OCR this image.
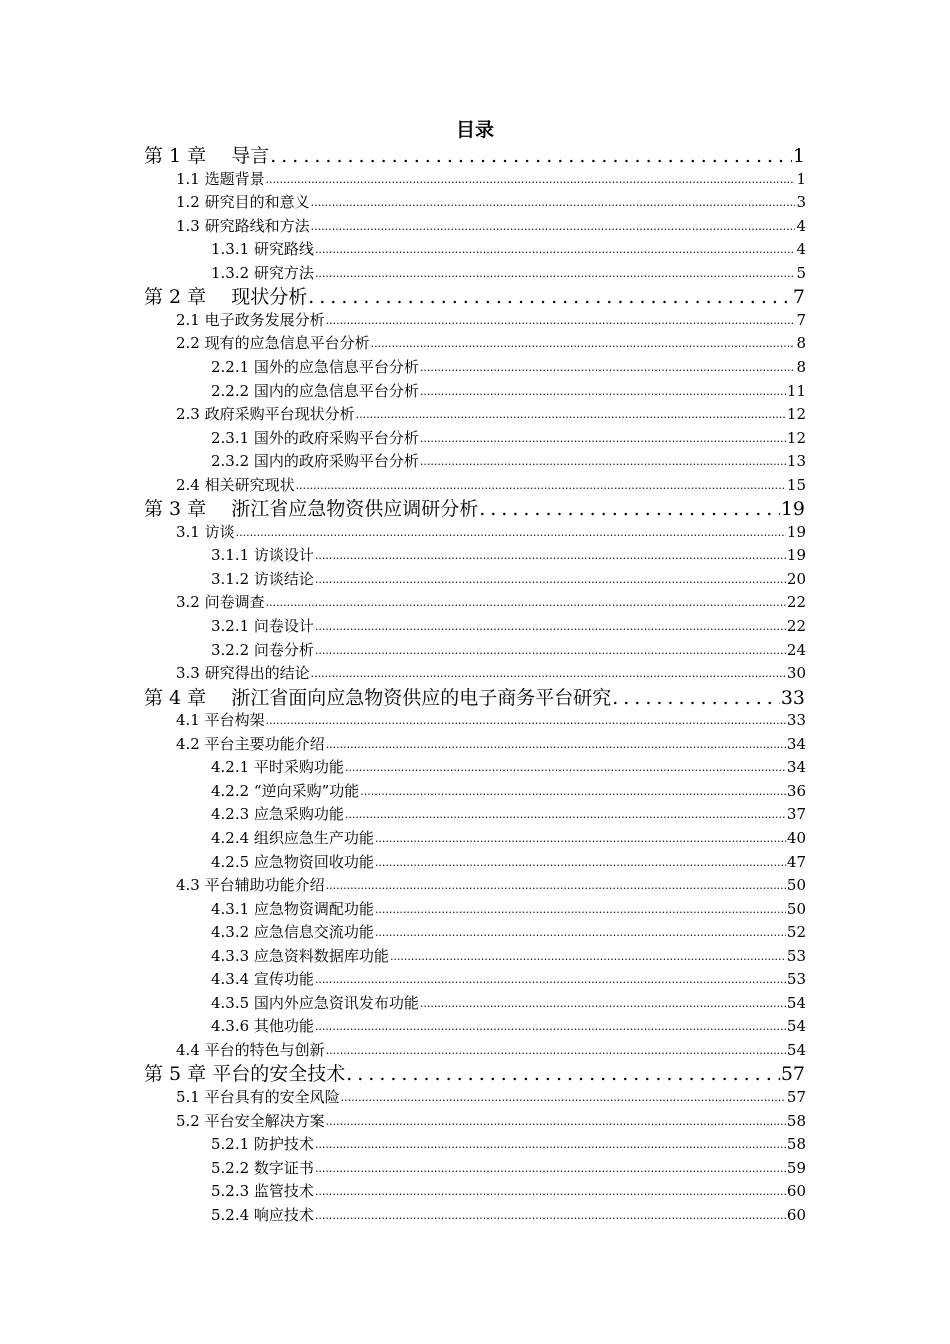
目录
第 1 章　 导言 .....	1
1.1 选题背景 .....	1
1.2 研究目的和意义 .....	3
1.3 研究路线和方法 .....	4
1.3.1 研究路线 .....	4
1.3.2 研究方法 .....	5
第 2 章　 现状分析 .....	7
2.1 电子政务发展分析 .....	7
2.2 现有的应急信息平台分析 .....	8
2.2.1 国外的应急信息平台分析 .....	8
2.2.2 国内的应急信息平台分析 .....	11
2.3 政府采购平台现状分析 .....	12
2.3.1 国外的政府采购平台分析 .....	12
2.3.2 国内的政府采购平台分析 .....	13
2.4 相关研究现状 .....	15
第 3 章　 浙江省应急物资供应调研分析 .....	19
3.1 访谈 .....	19
3.1.1 访谈设计 .....	19
3.1.2 访谈结论 .....	20
3.2 问卷调查 .....	22
3.2.1 问卷设计 .....	22
3.2.2 问卷分析 .....	24
3.3 研究得出的结论 .....	30
第 4 章　 浙江省面向应急物资供应的电子商务平台研究 .....	33
4.1 平台构架 .....	33
4.2 平台主要功能介绍 .....	34
4.2.1 平时采购功能 .....	34
4.2.2 “逆向采购”功能 .....	36
4.2.3 应急采购功能 .....	37
4.2.4 组织应急生产功能 .....	40
4.2.5 应急物资回收功能 .....	47
4.3 平台辅助功能介绍 .....	50
4.3.1 应急物资调配功能 .....	50
4.3.2 应急信息交流功能 .....	52
4.3.3 应急资料数据库功能 .....	53
4.3.4 宣传功能 .....	53
4.3.5 国内外应急资讯发布功能 .....	54
4.3.6 其他功能 .....	54
4.4 平台的特色与创新 .....	54
第 5 章 平台的安全技术 .....	57
5.1 平台具有的安全风险 .....	57
5.2 平台安全解决方案 .....	58
5.2.1 防护技术 .....	58
5.2.2 数字证书 .....	59
5.2.3 监管技术 .....	60
5.2.4 响应技术 .....	60
